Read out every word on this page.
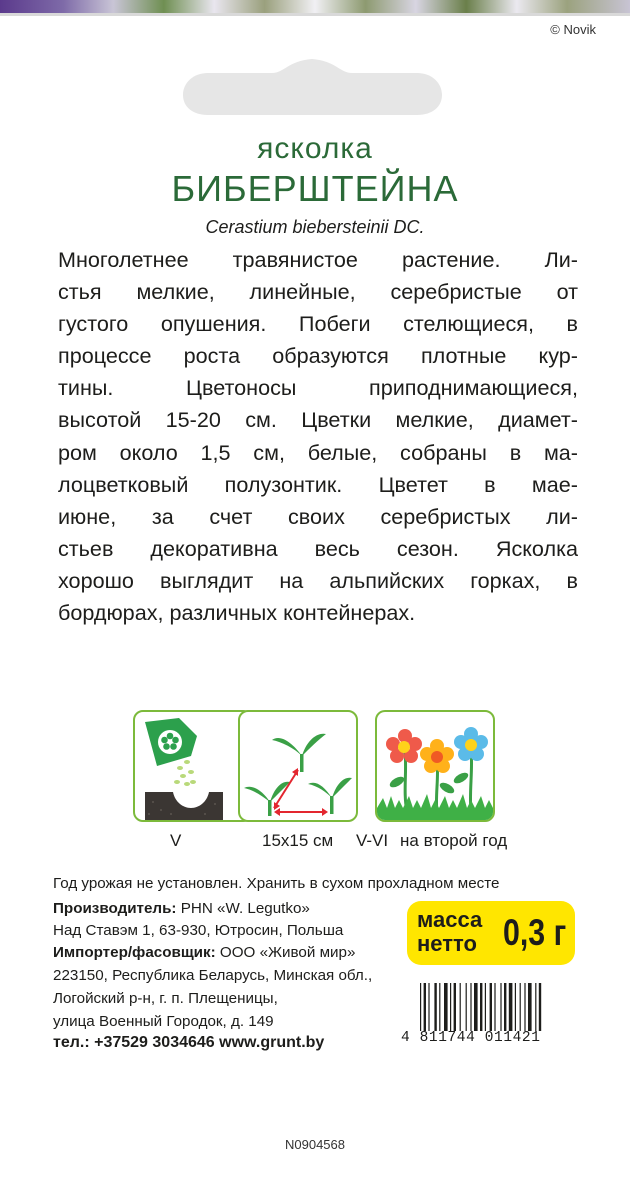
© Novik
ясколка
БИБЕРШТЕЙНА
Cerastium biebersteinii DC.
Многолетнее травянистое растение. Ли-
стья мелкие, линейные, серебристые от
густого опушения. Побеги стелющиеся, в
процессе роста образуются плотные кур-
тины. Цветоносы приподнимающиеся,
высотой 15-20 см. Цветки мелкие, диамет-
ром около 1,5 см, белые, собраны в ма-
лоцветковый полузонтик. Цветет в мае-
июне, за счет своих серебристых ли-
стьев декоративна весь сезон. Ясколка
хорошо выглядит на альпийских горках, в
бордюрах, различных контейнерах.
V	15x15 см V-VI на второй год
Год урожая не установлен. Хранить в сухом прохладном месте
Производитель: PHN «W. Legutko»
Над Ставэм 1, 63-930, Ютросин, Польша
Импортер/фасовщик: ООО «Живой мир»
223150, Республика Беларусь, Минская обл.,
Логойский р-н, г. п. Плещеницы,
улица Военный Городок, д. 149
тел.: +37529 3034646 www.grunt.by
масса
нетто 0,3 г
4 811744 011421
N0904568
